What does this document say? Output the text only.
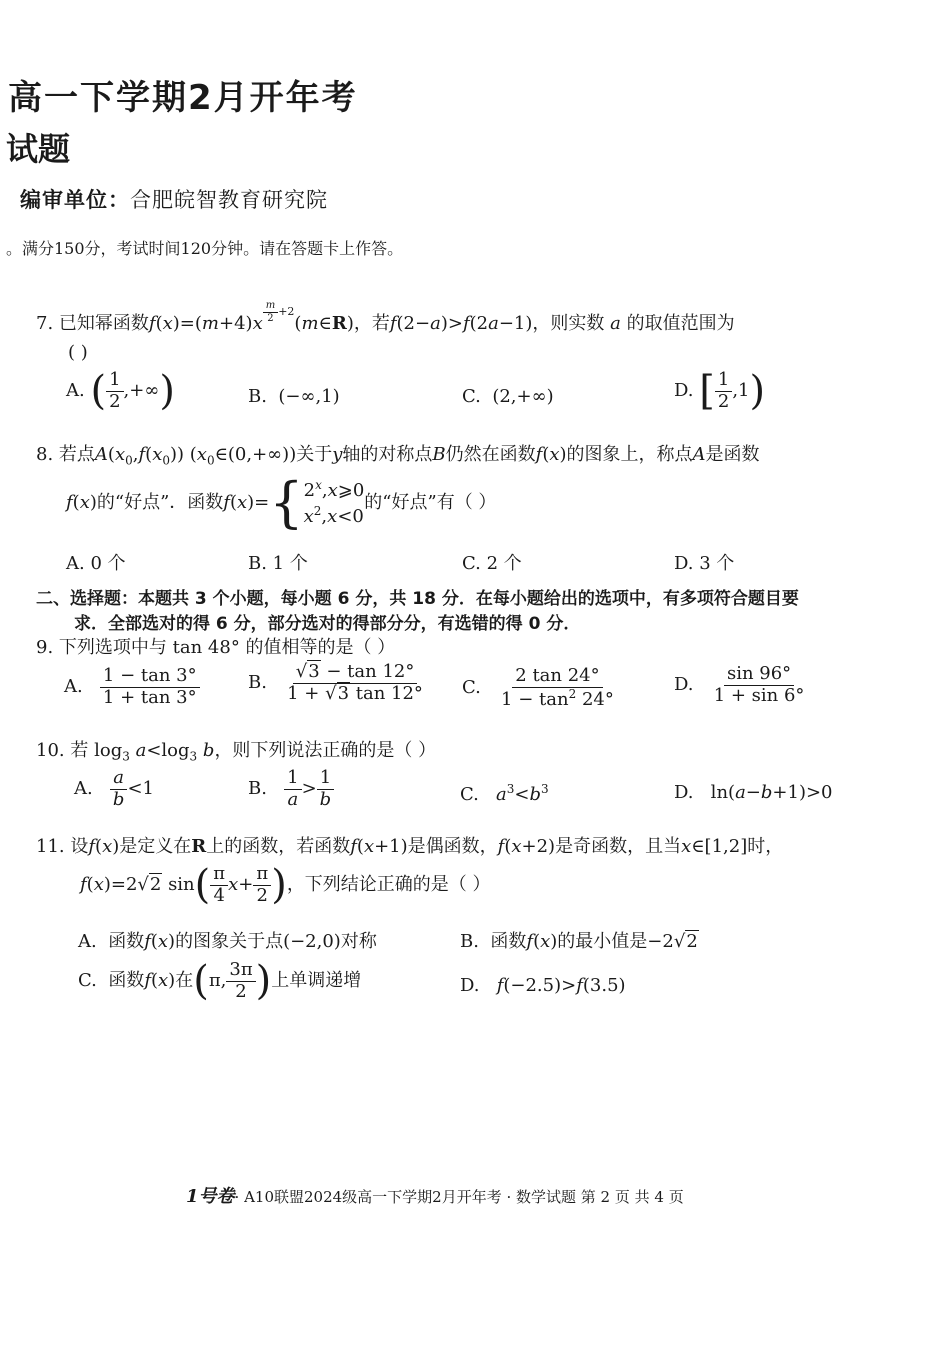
高一下学期2月开年考
试题
编审单位：合肥皖智教育研究院
。满分150分，考试时间120分钟。请在答题卡上作答。
7. 已知幂函数f(x)=(m+4)x $^{\frac{m}{2} +2}$(m∈R)，若f(2−a)>f(2a−1)，则实数 a 的取值范围为
( )
A. ( $\frac{1}{2}$ ,+∞)	B. (−∞,1)	C. (2,+∞)	D. [ $\frac{1}{2} ,1$)
8. 若点$A(x_0,f(x_0))$ $(x_0\in(0,+\infty))$关于y轴的对称点B仍然在函数f(x)的图象上，称点A是函数
f(x)的“好点”．函数f(x)={ 2$^x$,x⩾0
$x^2,x<0$
的“好点”有（ ）
A. 0 个	B. 1 个	C. 2 个	D. 3 个
二、选择题：本题共 3 个小题，每小题 6 分，共 18 分．在每小题给出的选项中，有多项符合题目要
求．全部选对的得 6 分，部分选对的得部分分，有选错的得 0 分．
9. 下列选项中与 tan 48° 的值相等的是（ ）
A. $\frac{1 - \tan 3^\circ}{1 + \tan 3^\circ}$	B. $\frac{√3 - \tan 12^\circ}{1 + √3 \tan 12^\circ} C$. $\frac{2 \tan 24^\circ}{1 - \tan^2 24^\circ}$	D. $\frac{\sin 96^\circ}{1 + \sin 6^\circ}$
10. 若 $\log_3 a<\log_3$ b，则下列说法正确的是（ ）
A. $\frac{a}{b} <1$	B. $\frac{1}{a} > \frac{1}{b}$	C. $a^3<b^3$	D.   ln(a−b+1)>0
11. 设f(x)是定义在R上的函数，若函数f(x+1)是偶函数，f(x+2)是奇函数，且当x∈[1,2]时，
f(x)=2√2 $\sin( \frac{\pi}{4} x+ \frac{\pi}{2}$ )，下列结论正确的是（ ）
A. 函数f(x)的图象关于点(−2,0)对称	B. 函数f(x)的最小值是−2√2
C. 函数f(x)在(π, $\frac{3\pi}{2}$ )上单调递增	D. f(−2.5)>f(3.5)
1号卷· A10联盟2024级高一下学期2月开年考 · 数学试题 第 2 页 共 4 页
